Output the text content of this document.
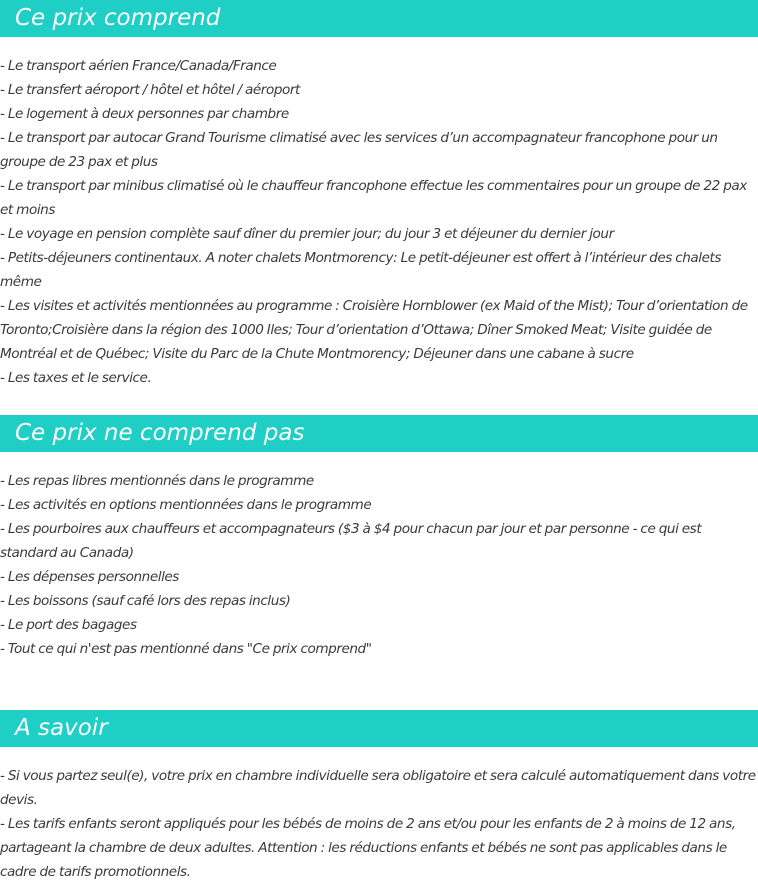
Ce prix comprend
- Le transport aérien France/Canada/France
- Le transfert aéroport / hôtel et hôtel / aéroport
- Le logement à deux personnes par chambre
- Le transport par autocar Grand Tourisme climatisé avec les services d’un accompagnateur francophone pour un groupe de 23 pax et plus
- Le transport par minibus climatisé où le chauffeur francophone effectue les commentaires pour un groupe de 22 pax et moins
- Le voyage en pension complète sauf dîner du premier jour; du jour 3 et déjeuner du dernier jour
- Petits-déjeuners continentaux. A noter chalets Montmorency: Le petit-déjeuner est offert à l’intérieur des chalets même
- Les visites et activités mentionnées au programme : Croisière Hornblower (ex Maid of the Mist); Tour d’orientation de Toronto;Croisière dans la région des 1000 Iles; Tour d’orientation d’Ottawa; Dîner Smoked Meat; Visite guidée de Montréal et de Québec; Visite du Parc de la Chute Montmorency; Déjeuner dans une cabane à sucre
- Les taxes et le service.
Ce prix ne comprend pas
- Les repas libres mentionnés dans le programme
- Les activités en options mentionnées dans le programme
- Les pourboires aux chauffeurs et accompagnateurs ($3 à $4 pour chacun par jour et par personne - ce qui est standard au Canada)
- Les dépenses personnelles
- Les boissons (sauf café lors des repas inclus)
- Le port des bagages
- Tout ce qui n'est pas mentionné dans "Ce prix comprend"
A savoir
- Si vous partez seul(e), votre prix en chambre individuelle sera obligatoire et sera calculé automatiquement dans votre devis.
- Les tarifs enfants seront appliqués pour les bébés de moins de 2 ans et/ou pour les enfants de 2 à moins de 12 ans, partageant la chambre de deux adultes. Attention : les réductions enfants et bébés ne sont pas applicables dans le cadre de tarifs promotionnels.
